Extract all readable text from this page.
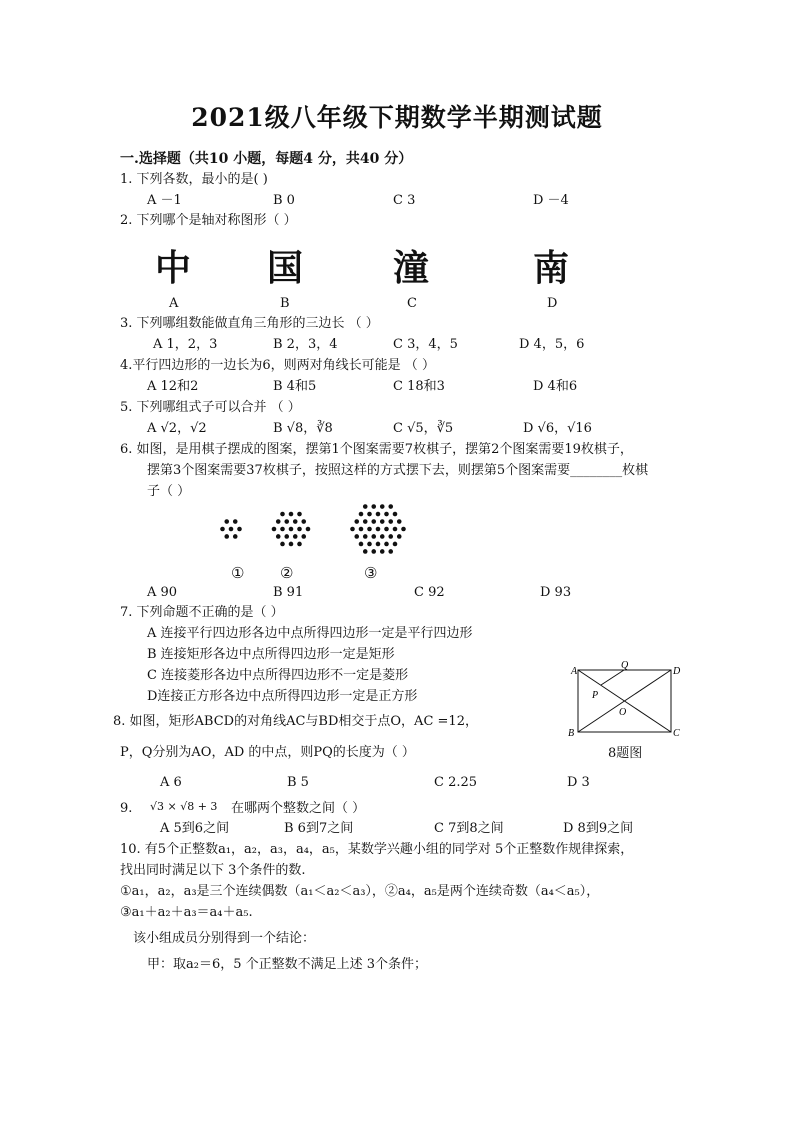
2021级八年级下期数学半期测试题
一.选择题（共10 小题，每题4 分，共40 分）
1. 下列各数，最小的是( )
A －1	B 0	C 3	D －4
2. 下列哪个是轴对称图形（ ）
中 国 潼	南
A	B	C	D
3. 下列哪组数能做直角三角形的三边长 （ ）
A 1，2，3	B 2，3，4	C 3，4，5	D 4，5，6
4.平行四边形的一边长为6，则两对角线长可能是 （ ）
A 12和2	B 4和5	C 18和3	D 4和6
5. 下列哪组式子可以合并 （ ）
A √2，√2	B √8，∛8	C √5，∛5	D √6，√16
6. 如图，是用棋子摆成的图案，摆第1个图案需要7枚棋子，摆第2个图案需要19枚棋子，
摆第3个图案需要37枚棋子，按照这样的方式摆下去，则摆第5个图案需要________枚棋
子（ ）
① ②	③
A 90	B 91	C 92	D 93
7. 下列命题不正确的是（ ）
A 连接平行四边形各边中点所得四边形一定是平行四边形
B 连接矩形各边中点所得四边形一定是矩形
C 连接菱形各边中点所得四边形不一定是菱形
D连接正方形各边中点所得四边形一定是正方形
A
Q
D
P
O
B	C
8. 如图，矩形ABCD的对角线AC与BD相交于点O，AC =12，
8题图
P，Q分别为AO，AD 的中点，则PQ的长度为（ ）
A 6	B 5	C 2.25	D 3
9. √3 × √8 + 3 在哪两个整数之间（ ）
A 5到6之间	B 6到7之间	C 7到8之间	D 8到9之间
10. 有5个正整数a₁，a₂，a₃，a₄，a₅，某数学兴趣小组的同学对 5个正整数作规律探索，
找出同时满足以下 3个条件的数.
①a₁，a₂，a₃是三个连续偶数（a₁＜a₂＜a₃），②a₄，a₅是两个连续奇数（a₄＜a₅），
③a₁＋a₂＋a₃＝a₄＋a₅.
该小组成员分别得到一个结论：
甲：取a₂＝6，5 个正整数不满足上述 3个条件；
